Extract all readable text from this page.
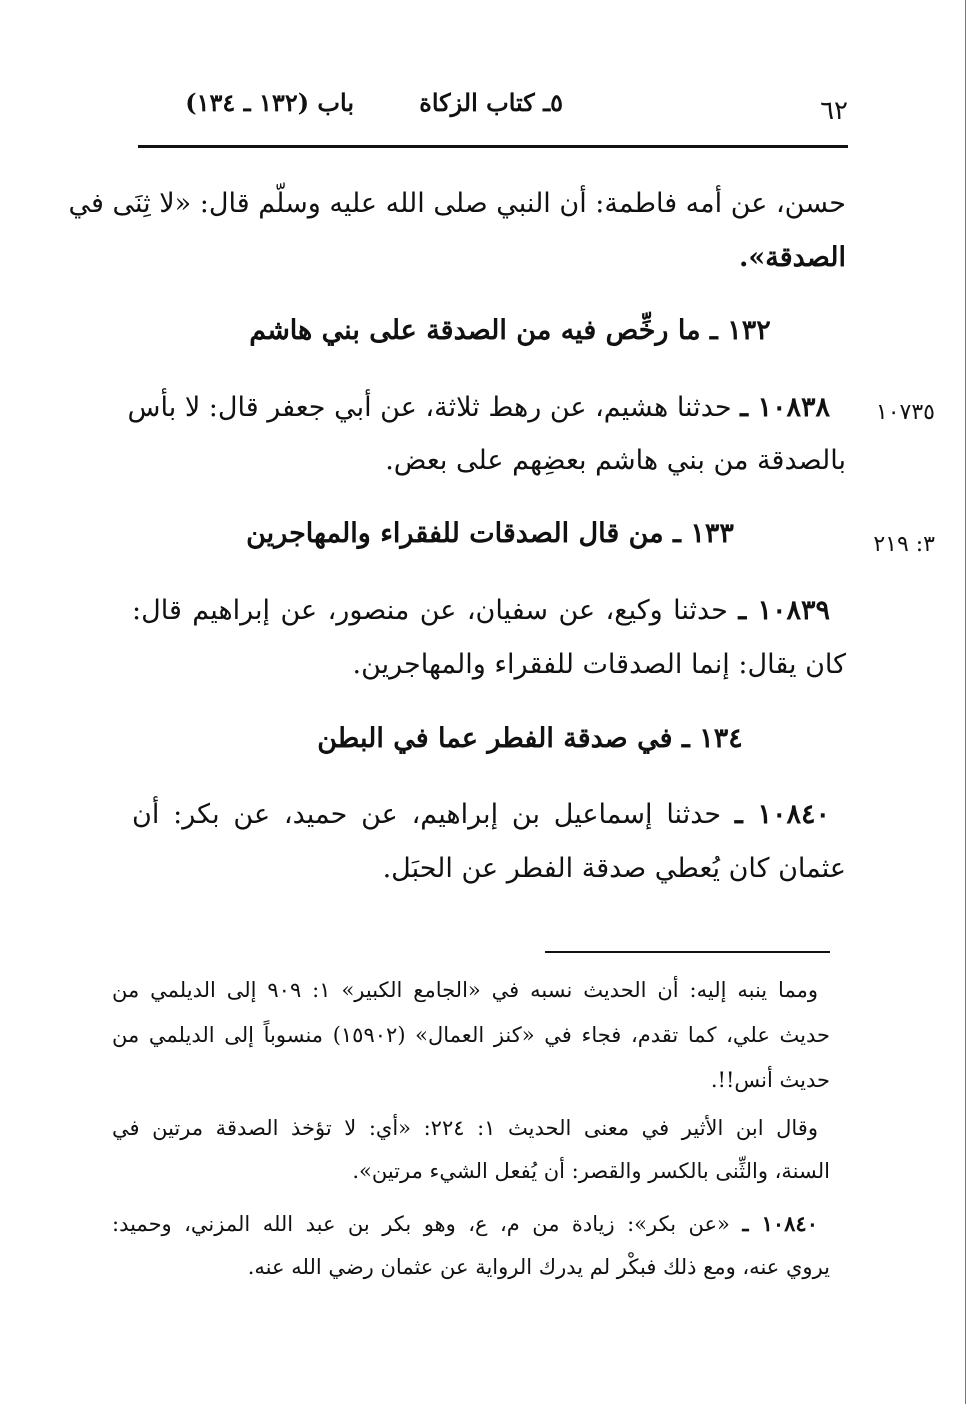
٦٢
٥ـ كتاب الزكاة
باب (١٣٢ ـ ١٣٤)
حسن، عن أمه فاطمة: أن النبي صلى الله عليه وسلّم قال: «لا ثِنَى في
الصدقة».
١٣٢ ـ ما رخِّص فيه من الصدقة على بني هاشم
١٠٧٣٥
١٠٨٣٨ ـ حدثنا هشيم، عن رهط ثلاثة، عن أبي جعفر قال: لا بأس
بالصدقة من بني هاشم بعضِهم على بعض.
١٣٣ ـ من قال الصدقات للفقراء والمهاجرين	٣: ٢١٩
١٠٨٣٩ ـ حدثنا وكيع، عن سفيان، عن منصور، عن إبراهيم قال:
كان يقال: إنما الصدقات للفقراء والمهاجرين.
١٣٤ ـ في صدقة الفطر عما في البطن
١٠٨٤٠ ـ حدثنا إسماعيل بن إبراهيم، عن حميد، عن بكر: أن
عثمان كان يُعطي صدقة الفطر عن الحبَل.
ومما ينبه إليه: أن الحديث نسبه في «الجامع الكبير» ١: ٩٠٩ إلى الديلمي من
حديث علي، كما تقدم، فجاء في «كنز العمال» (١٥٩٠٢) منسوباً إلى الديلمي من
حديث أنس!!.
وقال ابن الأثير في معنى الحديث ١: ٢٢٤: «أي: لا تؤخذ الصدقة مرتين في
السنة، والثِّنى بالكسر والقصر: أن يُفعل الشيء مرتين».
١٠٨٤٠ ـ «عن بكر»: زيادة من م، ع، وهو بكر بن عبد الله المزني، وحميد:
يروي عنه، ومع ذلك فبكْر لم يدرك الرواية عن عثمان رضي الله عنه.
